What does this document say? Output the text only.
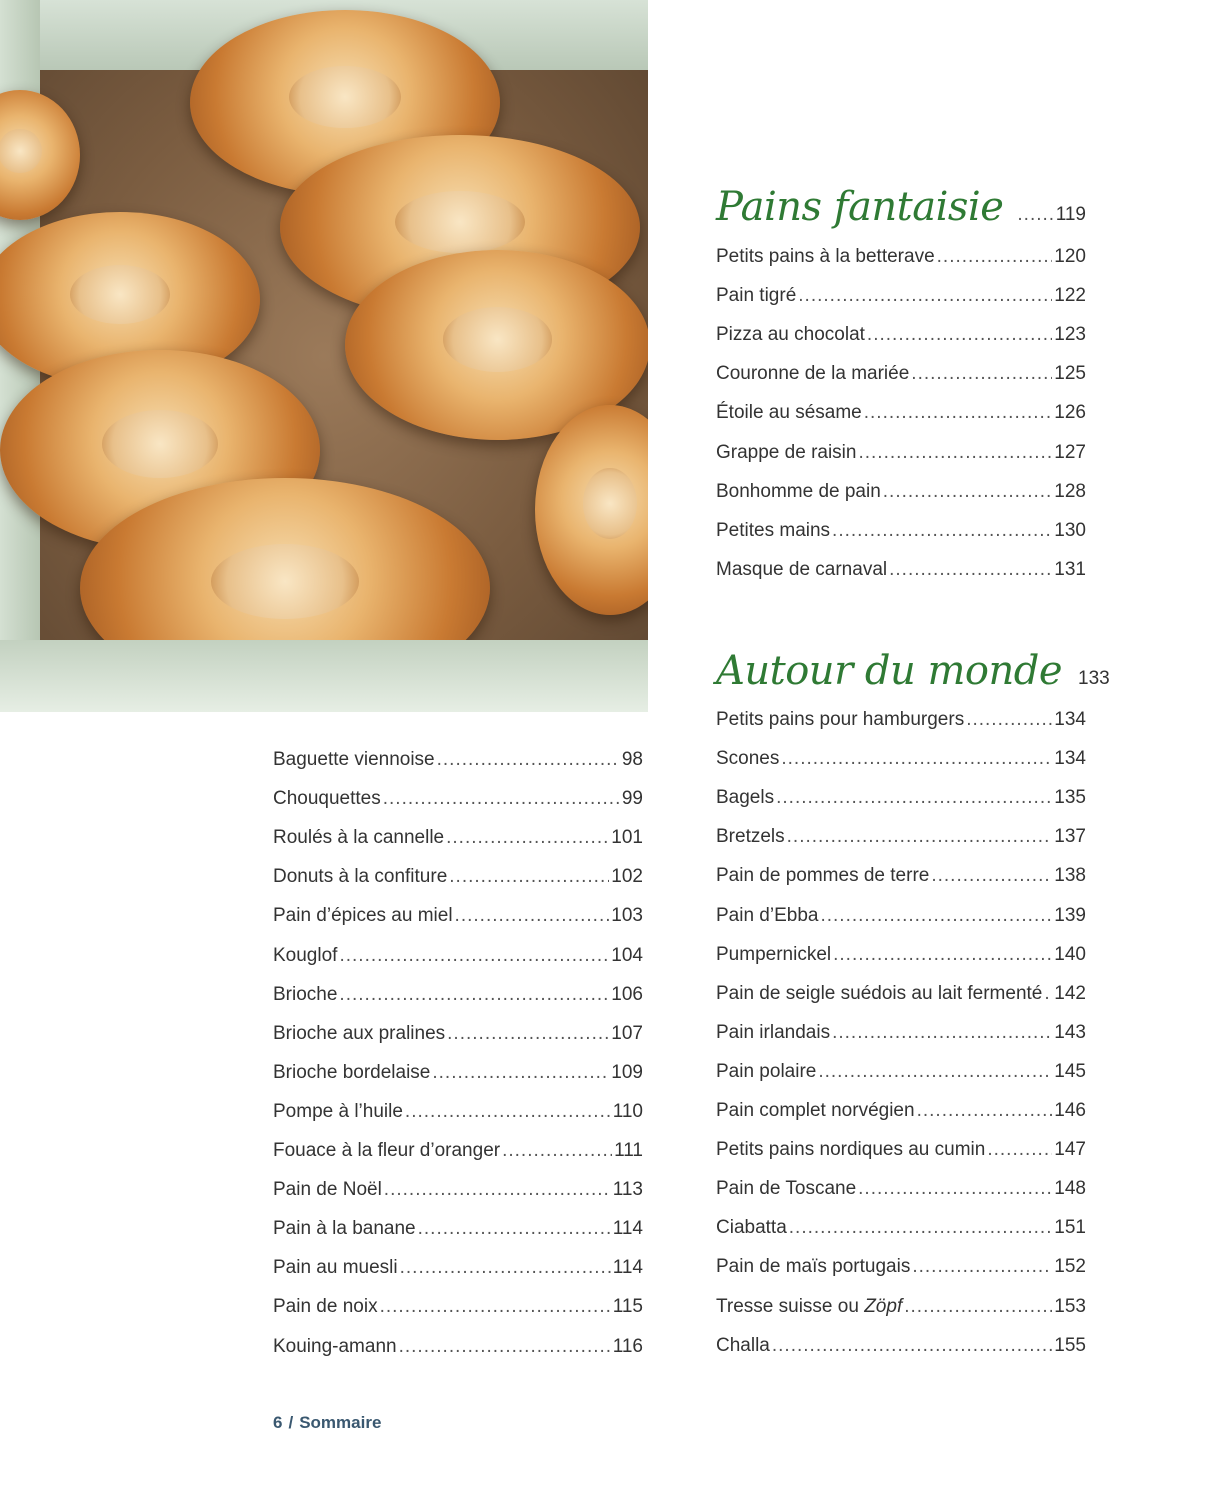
Baguette viennoise .....	98
Chouquettes .....	99
Roulés à la cannelle .....	101
Donuts à la confiture .....	102
Pain d’épices au miel .....	103
Kouglof .....	104
Brioche .....	106
Brioche aux pralines .....	107
Brioche bordelaise .....	109
Pompe à l’huile .....	110
Fouace à la fleur d’oranger .....	111
Pain de Noël .....	113
Pain à la banane .....	114
Pain au muesli .....	114
Pain de noix .....	115
Kouing-amann .....	116
Pains fantaisie .....	119
Petits pains à la betterave .....	120
Pain tigré .....	122
Pizza au chocolat .....	123
Couronne de la mariée .....	125
Étoile au sésame .....	126
Grappe de raisin .....	127
Bonhomme de pain .....	128
Petites mains .....	130
Masque de carnaval .....	131
Autour du monde 133
Petits pains pour hamburgers .....	134
Scones .....	134
Bagels .....	135
Bretzels .....	137
Pain de pommes de terre .....	138
Pain d’Ebba .....	139
Pumpernickel .....	140
Pain de seigle suédois au lait fermenté ..... 142
Pain irlandais .....	143
Pain polaire .....	145
Pain complet norvégien .....	146
Petits pains nordiques au cumin .....	147
Pain de Toscane .....	148
Ciabatta .....	151
Pain de maïs portugais .....	152
Tresse suisse ou Zöpf .....	153
Challa .....	155
6 / Sommaire
